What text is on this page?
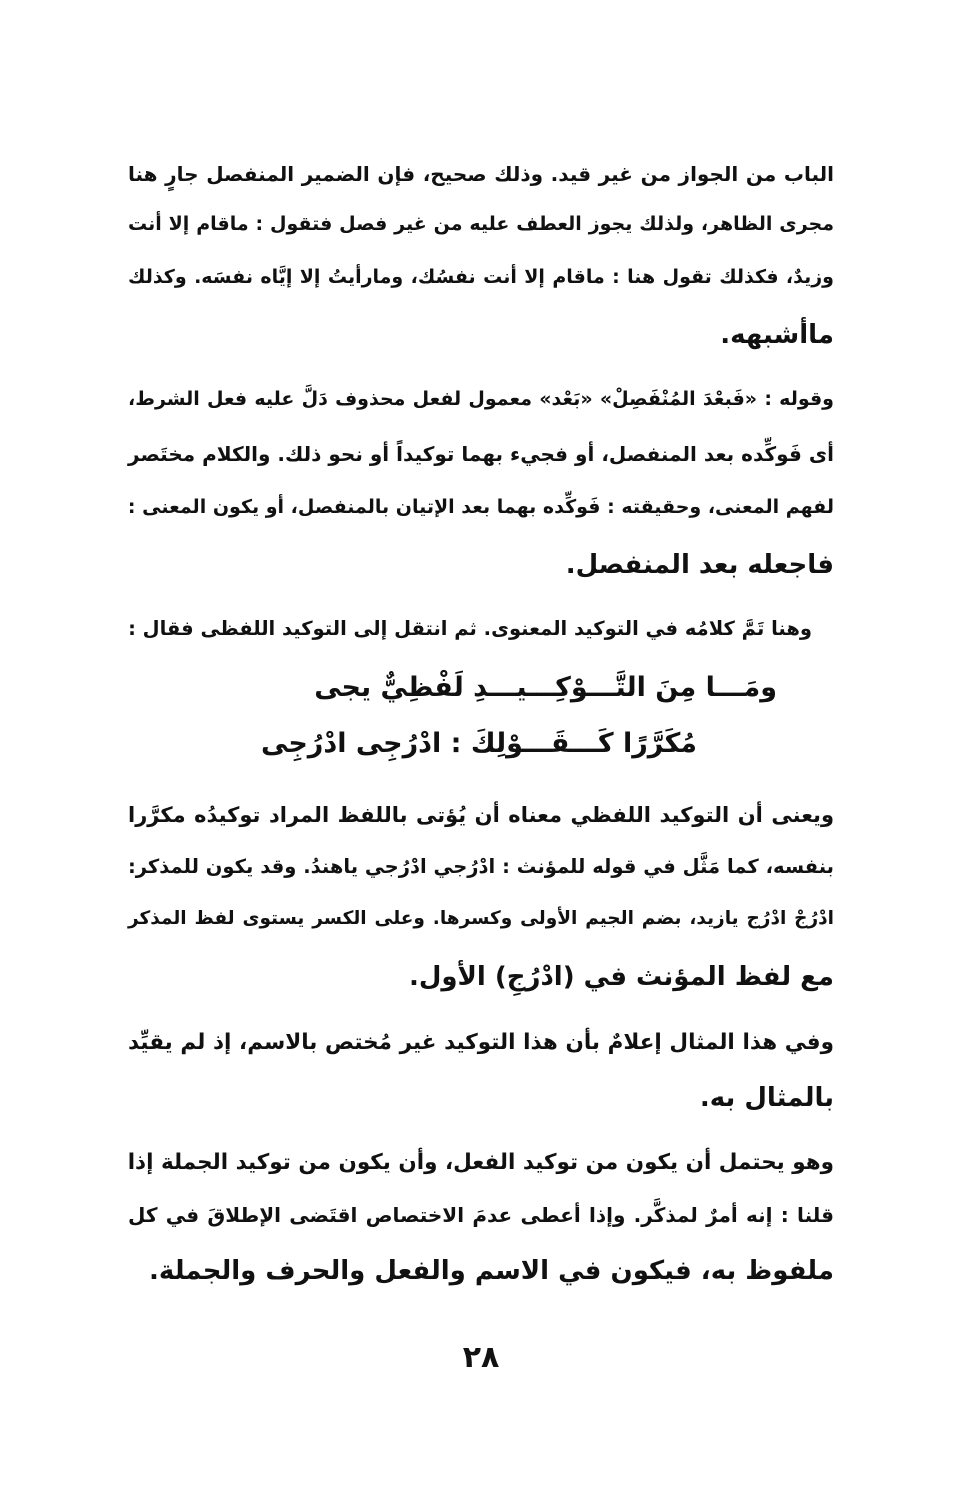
الباب من الجواز من غير قيد. وذلك صحيح، فإن الضمير المنفصل جارٍ هنا
مجرى الظاهر، ولذلك يجوز العطف عليه من غير فصل فتقول : ماقام إلا أنت
وزيدٌ، فكذلك تقول هنا : ماقام إلا أنت نفسُك، ومارأيتُ إلا إيَّاه نفسَه. وكذلك
ماأشبهه.
وقوله : «فَبعْدَ المُنْفَصِلْ» «بَعْد» معمول لفعل محذوف دَلَّ عليه فعل الشرط،
أى فَوكِّده بعد المنفصل، أو فجيء بهما توكيداً أو نحو ذلك. والكلام مختَصر
لفهم المعنى، وحقيقته : فَوكِّده بهما بعد الإتيان بالمنفصل، أو يكون المعنى :
فاجعله بعد المنفصل.
وهنا تَمَّ كلامُه في التوكيد المعنوى. ثم انتقل إلى التوكيد اللفظى فقال :
ومَـــا مِنَ التَّـــوْكِـــيـــدِ لَفْظِيٌّ يجى
مُكَرَّرًا كَـــقَـــوْلِكَ : ادْرُجِى ادْرُجِى
ويعنى أن التوكيد اللفظي معناه أن يُؤتى باللفظ المراد توكيدُه مكرَّرا
بنفسه، كما مَثَّل في قوله للمؤنث : ادْرُجي ادْرُجي ياهندُ. وقد يكون للمذكر:
ادْرُجْ ادْرُج يازيد، بضم الجيم الأولى وكسرها. وعلى الكسر يستوى لفظ المذكر
مع لفظ المؤنث في (ادْرُجِ) الأول.
وفي هذا المثال إعلامٌ بأن هذا التوكيد غير مُختص بالاسم، إذ لم يقيِّد
بالمثال به.
وهو يحتمل أن يكون من توكيد الفعل، وأن يكون من توكيد الجملة إذا
قلنا : إنه أمرٌ لمذكَّر. وإذا أعطى عدمَ الاختصاص اقتَضى الإطلاقَ في كل
ملفوظ به، فيكون في الاسم والفعل والحرف والجملة.
٢٨
